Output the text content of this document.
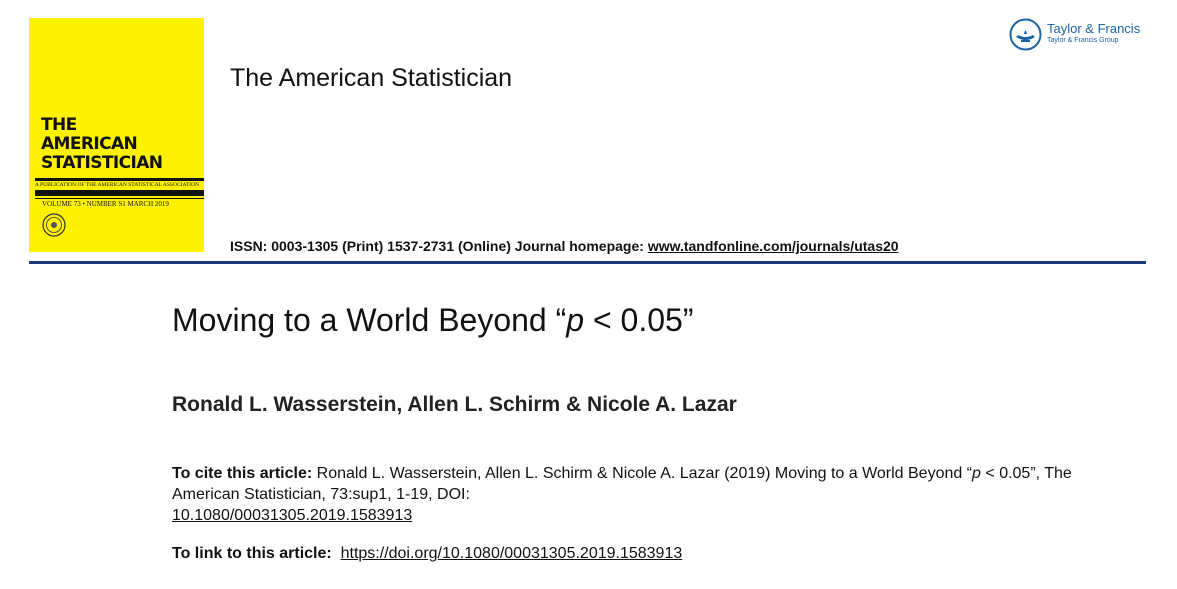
THE
AMERICAN
STATISTICIAN
A PUBLICATION OF THE AMERICAN STATISTICAL ASSOCIATION
VOLUME 73 • NUMBER S1 MARCH 2019
The American Statistician
Taylor & Francis
Taylor & Francis Group
ISSN: 0003-1305 (Print) 1537-2731 (Online) Journal homepage: www.tandfonline.com/journals/utas20
Moving to a World Beyond “p < 0.05”
Ronald L. Wasserstein, Allen L. Schirm & Nicole A. Lazar
To cite this article: Ronald L. Wasserstein, Allen L. Schirm & Nicole A. Lazar (2019) Moving to a World Beyond “p < 0.05”, The American Statistician, 73:sup1, 1-19, DOI:
10.1080/00031305.2019.1583913
To link to this article: https://doi.org/10.1080/00031305.2019.1583913
